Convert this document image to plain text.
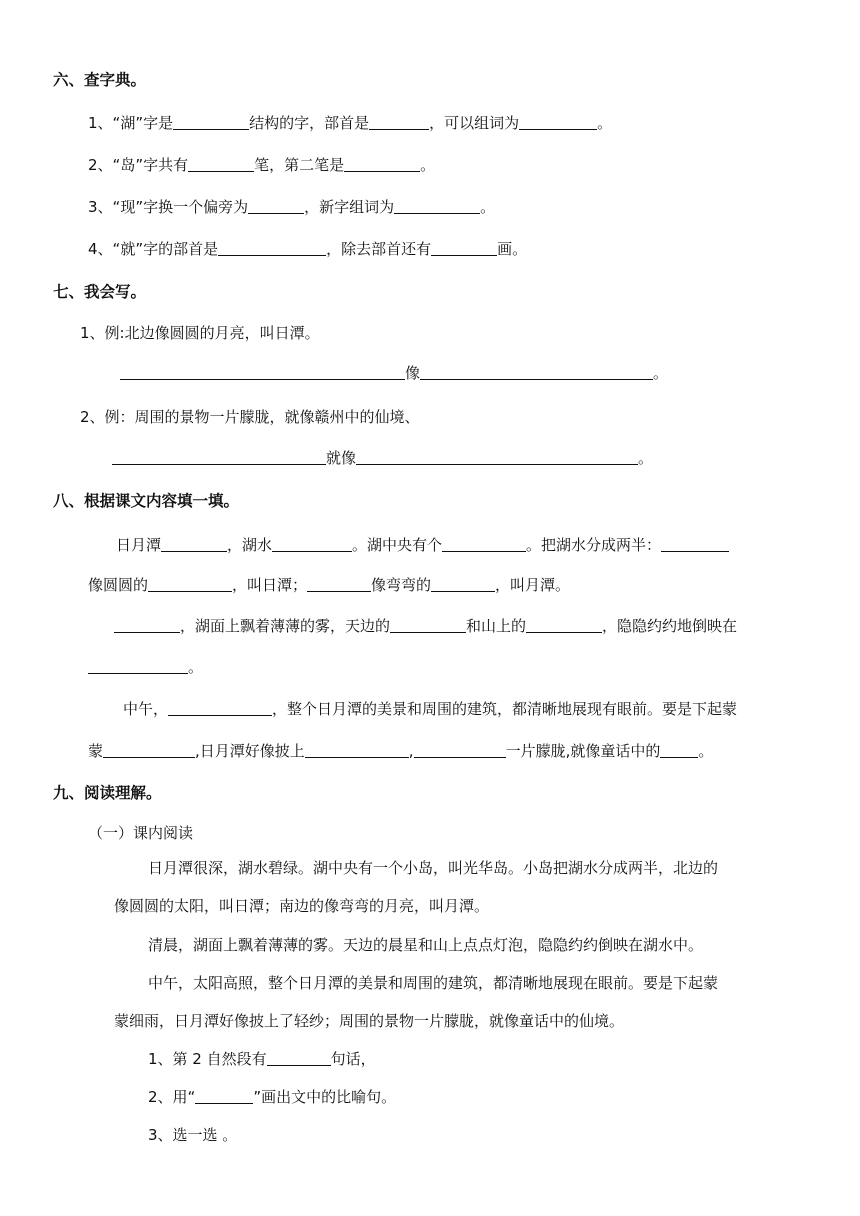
六、查字典。
1、“湖”字是	结构的字，部首是	，可以组词为	。
2、“岛”字共有	笔，第二笔是	。
3、“现”字换一个偏旁为	，新字组词为	。
4、“就”字的部首是	，除去部首还有	画。
七、我会写。
1、例:北边像圆圆的月亮，叫日潭。
像	。
2、例：周围的景物一片朦胧，就像赣州中的仙境、
就像	。
八、根据课文内容填一填。
日月潭	，湖水	。湖中央有个	。把湖水分成两半：
像圆圆的	，叫日潭；	像弯弯的	，叫月潭。
，湖面上飘着薄薄的雾，天边的	和山上的	，隐隐约约地倒映在
。
中午，	，整个日月潭的美景和周围的建筑，都清晰地展现有眼前。要是下起蒙
蒙	,日月潭好像披上	,	一片朦胧,就像童话中的	。
九、阅读理解。
（一）课内阅读
日月潭很深，湖水碧绿。湖中央有一个小岛，叫光华岛。小岛把湖水分成两半，北边的
像圆圆的太阳，叫日潭；南边的像弯弯的月亮，叫月潭。
清晨，湖面上飘着薄薄的雾。天边的晨星和山上点点灯泡，隐隐约约倒映在湖水中。
中午，太阳高照，整个日月潭的美景和周围的建筑，都清晰地展现在眼前。要是下起蒙
蒙细雨，日月潭好像披上了轻纱；周围的景物一片朦胧，就像童话中的仙境。
1、第 2 自然段有	句话，
2、用“	”画出文中的比喻句。
3、选一选 。
